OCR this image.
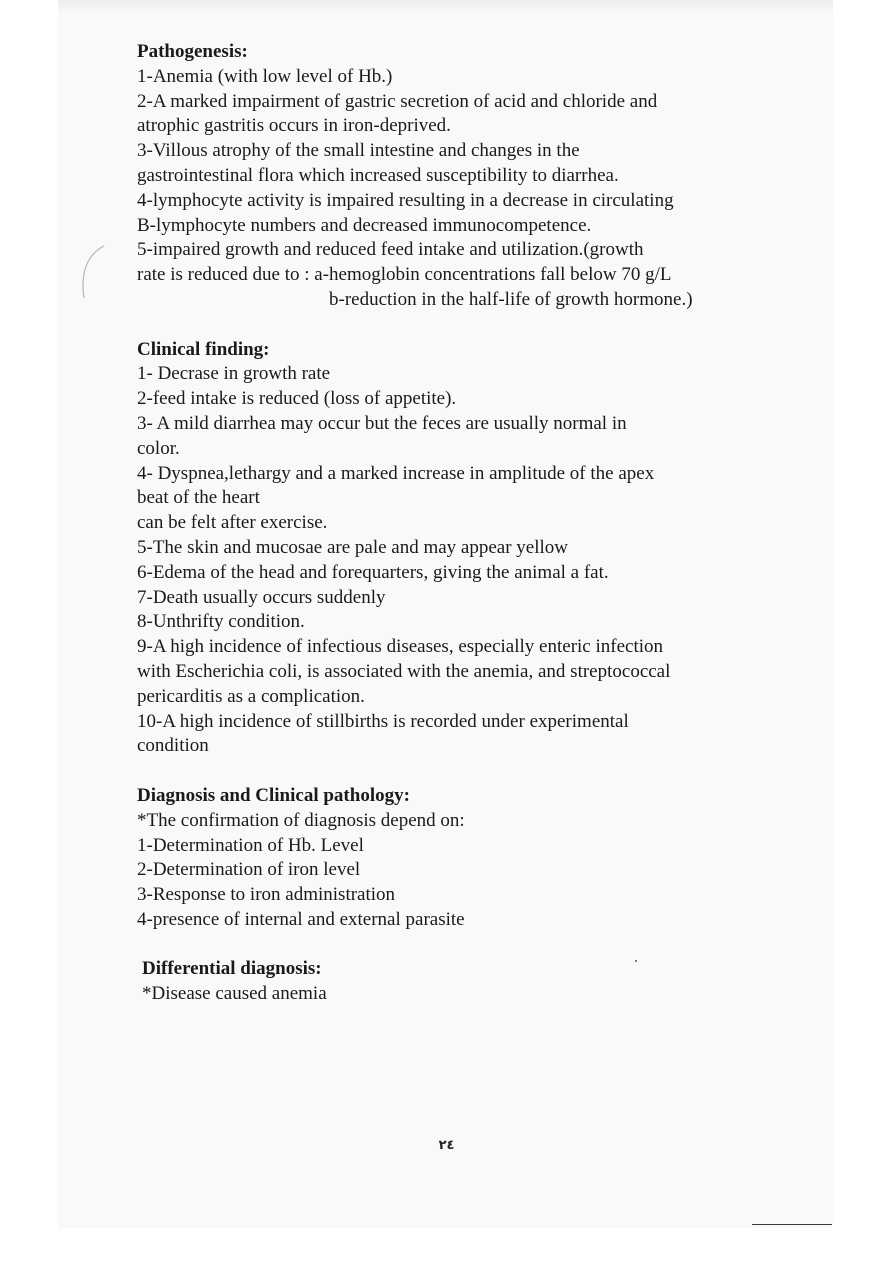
Pathogenesis:

1-Anemia (with low level of Hb.)

2-A marked impairment of gastric secretion of acid and chloride and

atrophic gastritis occurs in iron-deprived.

3-Villous atrophy of the small intestine and changes in the

gastrointestinal flora which increased susceptibility to diarrhea.

4-lymphocyte activity is impaired resulting in a decrease in circulating

B-lymphocyte numbers and decreased immunocompetence.

5-impaired growth and reduced feed intake and utilization.(growth

rate is reduced due to : a-hemoglobin concentrations fall below 70 g/L

b-reduction in the half-life of growth hormone.)

Clinical finding:

1- Decrase in growth rate

2-feed intake is reduced (loss of appetite).

3- A mild diarrhea may occur but the feces are usually normal in

color.

4- Dyspnea,lethargy and a marked increase in amplitude of the apex

beat of the heart

can be felt after exercise.

5-The skin and mucosae are pale and may appear yellow

6-Edema of the head and forequarters, giving the animal a fat.

7-Death usually occurs suddenly

8-Unthrifty condition.

9-A high incidence of infectious diseases, especially enteric infection

with Escherichia coli, is associated with the anemia, and streptococcal

pericarditis as a complication.

10-A high incidence of stillbirths is recorded under experimental

condition

Diagnosis and Clinical pathology:

*The confirmation of diagnosis depend on:

1-Determination of Hb. Level

2-Determination of iron level

3-Response to iron administration

4-presence of internal and external parasite

Differential diagnosis:

*Disease caused anemia

٢٤
